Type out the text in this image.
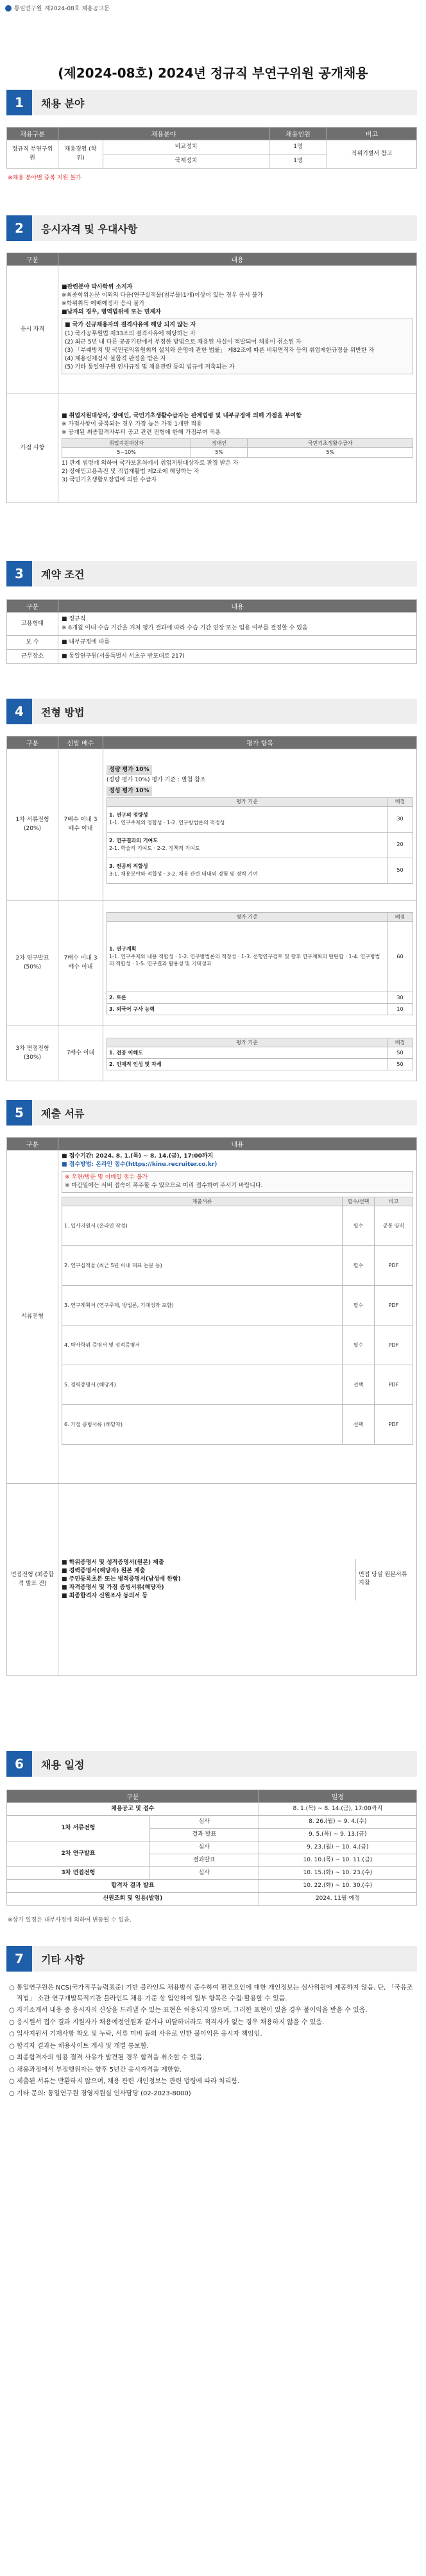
통일연구원 제2024-08호 채용공고문
(제2024-08호) 2024년 정규직 부연구위원 공개채용
1	채용 분야
채용구분	채용분야		채용인원	비고
정규직 부연구위원	채용경영 (학위)	비교정치	1명	직위기별서 참고
		국제정치	1명	
※채용 분야별 중복 지원 불가
2	응시자격 및 우대사항
구분	내용
응시 자격	
■관련분야 박사학위 소지자
※최종학위논문 이외의 다음(연구실적물(첨부물)1개)이상이 있는 경우 응시 불가
※학위취득 예배예정자 응시 불가
■남자의 경우, 병역법위에 또는 면제자
■ 국가 신규채용자의 결격사유에 해당 되지 않는 자
(1) 국가공무원법 제33조의 결격사유에 해당하는 자
(2) 최근 5년 내 다른 공공기관에서 부정한 방법으로 채용된 사실이 적발되어 채용이 취소된 자
(3) 「부패방지 및 국민권익위원회의 설치와 운영에 관한 법률」 제82조에 따른 비위면직자 등의 취업제한규정을 위반한 자
(4) 채용신체검사 불합격 판정을 받은 자
(5) 기타 통일연구원 인사규정 및 채용관련 등의 법규에 저촉되는 자

가점 사항	
■ 취업지원대상자, 장애인, 국민기초생활수급자는 관계법령 및 내부규정에 의해 가점을 부여함
※ 가점사항이 중복되는 경우 가장 높은 가점 1개만 적용
※ 공개된 최종합격자부터 공고 관련 전형에 한해 가점부여 적용
취업지원대상자	장애인	국민기초생활수급자
5~10%	5%	5%
1) 관계 법령에 의하여 국가보훈처에서 취업지원대상자로 판정 받은 자
2) 장애인고용촉진 및 직업재활법 제2조에 해당하는 자
3) 국민기초생활보장법에 의한 수급자
3	계약 조건
구분	내용
고용형태	■ 정규직
※ 6개월 이내 수습 기간을 거쳐 평가 결과에 따라 수습 기간 연장 또는 임용 여부를 결정할 수 있음

보 수	■ 내부규정에 따름
근무장소	■ 통일연구원(서울특별시 서초구 반포대로 217)
4	전형 방법
구분	선발 배수	평가 항목
1차 서류전형 (20%)	7배수 이내 3배수 이내	정량 평가 10%
(정량 평가 10%) 평가 기준 : 별첨 참조
정성 평가 10%
평가 기준	배점

1. 연구의 정량성
1-1. 연구주제의 정합성 · 1-2. 연구방법론의 적정성
	30

2. 연구결과의 기여도
2-1. 학술적 기여도 · 2-2. 정책적 기여도
	20

3. 전공의 적합성
3-1. 채용분야와 적합성 · 3-2. 채용 관련 대내외 경험 및 경력 기여
	50

2차 연구발표 (50%)	7배수 이내 3배수 이내	
평가 기준	배점

1. 연구계획
1-1. 연구주제와 내용 적합성 · 1-2. 연구방법론의 적정성 · 1-3. 선행연구검토 및 향후 연구계획의 탄탄함 · 1-4. 연구방법의 적합성 · 1-5. 연구결과 활용성 및 기대성과
	60
2. 토론	30
3. 외국어 구사 능력	10

3차 면접전형 (30%)	7배수 이내	
평가 기준	배점
1. 전공 이해도	50
2. 인재적 인성 및 자세	50
5	제출 서류
구분	내용
서류전형	
■ 접수기간: 2024. 8. 1.(목) ~ 8. 14.(금), 17:00까지
■ 접수방법: 온라인 접수(https://kinu.recruiter.co.kr)
※ 우편/방문 및 이메일 접수 불가
※ 마감일에는 서버 접속이 폭주할 수 있으므로 미리 접수하여 주시기 바랍니다.
제출서류	필수/선택	비고
1. 입사지원서 (온라인 작성)	필수	공통 양식
2. 연구실적물 (최근 5년 이내 대표 논문 등)	필수	PDF
3. 연구계획서 (연구주제, 방법론, 기대성과 포함)	필수	PDF
4. 박사학위 증명서 및 성적증명서	필수	PDF
5. 경력증명서 (해당자)	선택	PDF
6. 가점 증빙서류 (해당자)	선택	PDF

면접전형 (최종합격 발표 전)	
■ 학위증명서 및 성적증명서(원본) 제출
■ 경력증명서(해당자) 원본 제출
■ 주민등록초본 또는 병적증명서(남성에 한함)
■ 자격증명서 및 가점 증빙서류(해당자)
■ 최종합격자 신원조사 동의서 등
면접 당일 원본서류 지참
6	채용 일정
구분		일정
채용공고 및 접수		8. 1.(목) ~ 8. 14.(금), 17:00까지
1차 서류전형	심사	8. 26.(월) ~ 9. 4.(수)
	결과 발표	9. 5.(목) ~ 9. 13.(금)
2차 연구발표	심사	9. 23.(월) ~ 10. 4.(금)
	결과발표	10. 10.(목) ~ 10. 11.(금)
3차 면접전형	심사	10. 15.(화) ~ 10. 23.(수)
합격자 결과 발표		10. 22.(화) ~ 10. 30.(수)
신원조회 및 임용(발령)		2024. 11월 예정
※상기 일정은 내부사정에 의하여 변동될 수 있음.
7	기타 사항

○ 통일연구원은 NCS(국가직무능력표준) 기반 블라인드 채용방식 준수하여 편견요인에 대한 개인정보는 심사위원에 제공하지 않음. 단, 「국유조직법」 소관 연구개발목적기관 블라인드 채용 기준 상 입안하여 일부 항목은 수집·활용할 수 있음.

○ 자기소개서 내용 중 응시자의 신상을 드러낼 수 있는 표현은 허용되지 않으며, 그러한 표현이 있을 경우 불이익을 받을 수 있음.

○ 응시원서 접수 결과 지원자가 채용예정인원과 같거나 미달하더라도 적격자가 없는 경우 채용하지 않을 수 있음.

○ 입사지원서 기재사항 착오 및 누락, 서류 미비 등의 사유로 인한 불이익은 응시자 책임임.

○ 합격자 결과는 채용사이트 게시 및 개별 통보함.

○ 최종합격자의 임용 결격 사유가 발견될 경우 합격을 취소할 수 있음.

○ 채용과정에서 부정행위자는 향후 5년간 응시자격을 제한함.

○ 제출된 서류는 반환하지 않으며, 채용 관련 개인정보는 관련 법령에 따라 처리함.

○ 기타 문의: 통일연구원 경영지원실 인사담당 (02-2023-8000)
